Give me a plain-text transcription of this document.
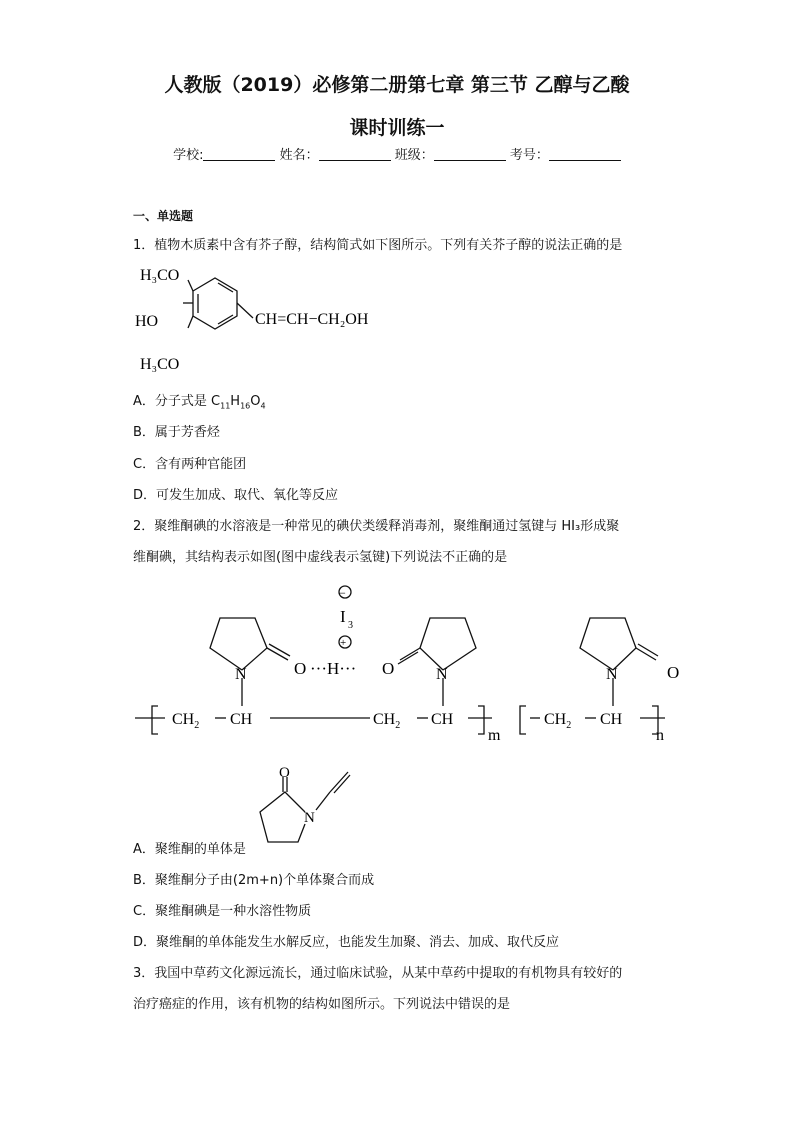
人教版（2019）必修第二册第七章 第三节 乙醇与乙酸
课时训练一
学校:	姓名：	班级：	考号：
一、单选题
1．植物木质素中含有芥子醇，结构简式如下图所示。下列有关芥子醇的说法正确的是
H₃CO
HO
H₃CO
CH=CH−CH₂OH
A．分子式是 $C_{11}H_{16}O_4$
B．属于芳香烃
C．含有两种官能团
D．可发生加成、取代、氧化等反应
2．聚维酮碘的水溶液是一种常见的碘伏类缓释消毒剂，聚维酮通过氢键与 HI₃形成聚
维酮碘，其结构表示如图(图中虚线表示氢键)下列说法不正确的是
−
I 3
+
O ···H··· O	O
N	N	N
$CH_2$ CH	$CH_2$ CH
m
$CH_2$ CH
n
O
N
A．聚维酮的单体是
B．聚维酮分子由(2m+n)个单体聚合而成
C．聚维酮碘是一种水溶性物质
D．聚维酮的单体能发生水解反应，也能发生加聚、消去、加成、取代反应
3．我国中草药文化源远流长，通过临床试验，从某中草药中提取的有机物具有较好的
治疗癌症的作用，该有机物的结构如图所示。下列说法中错误的是
